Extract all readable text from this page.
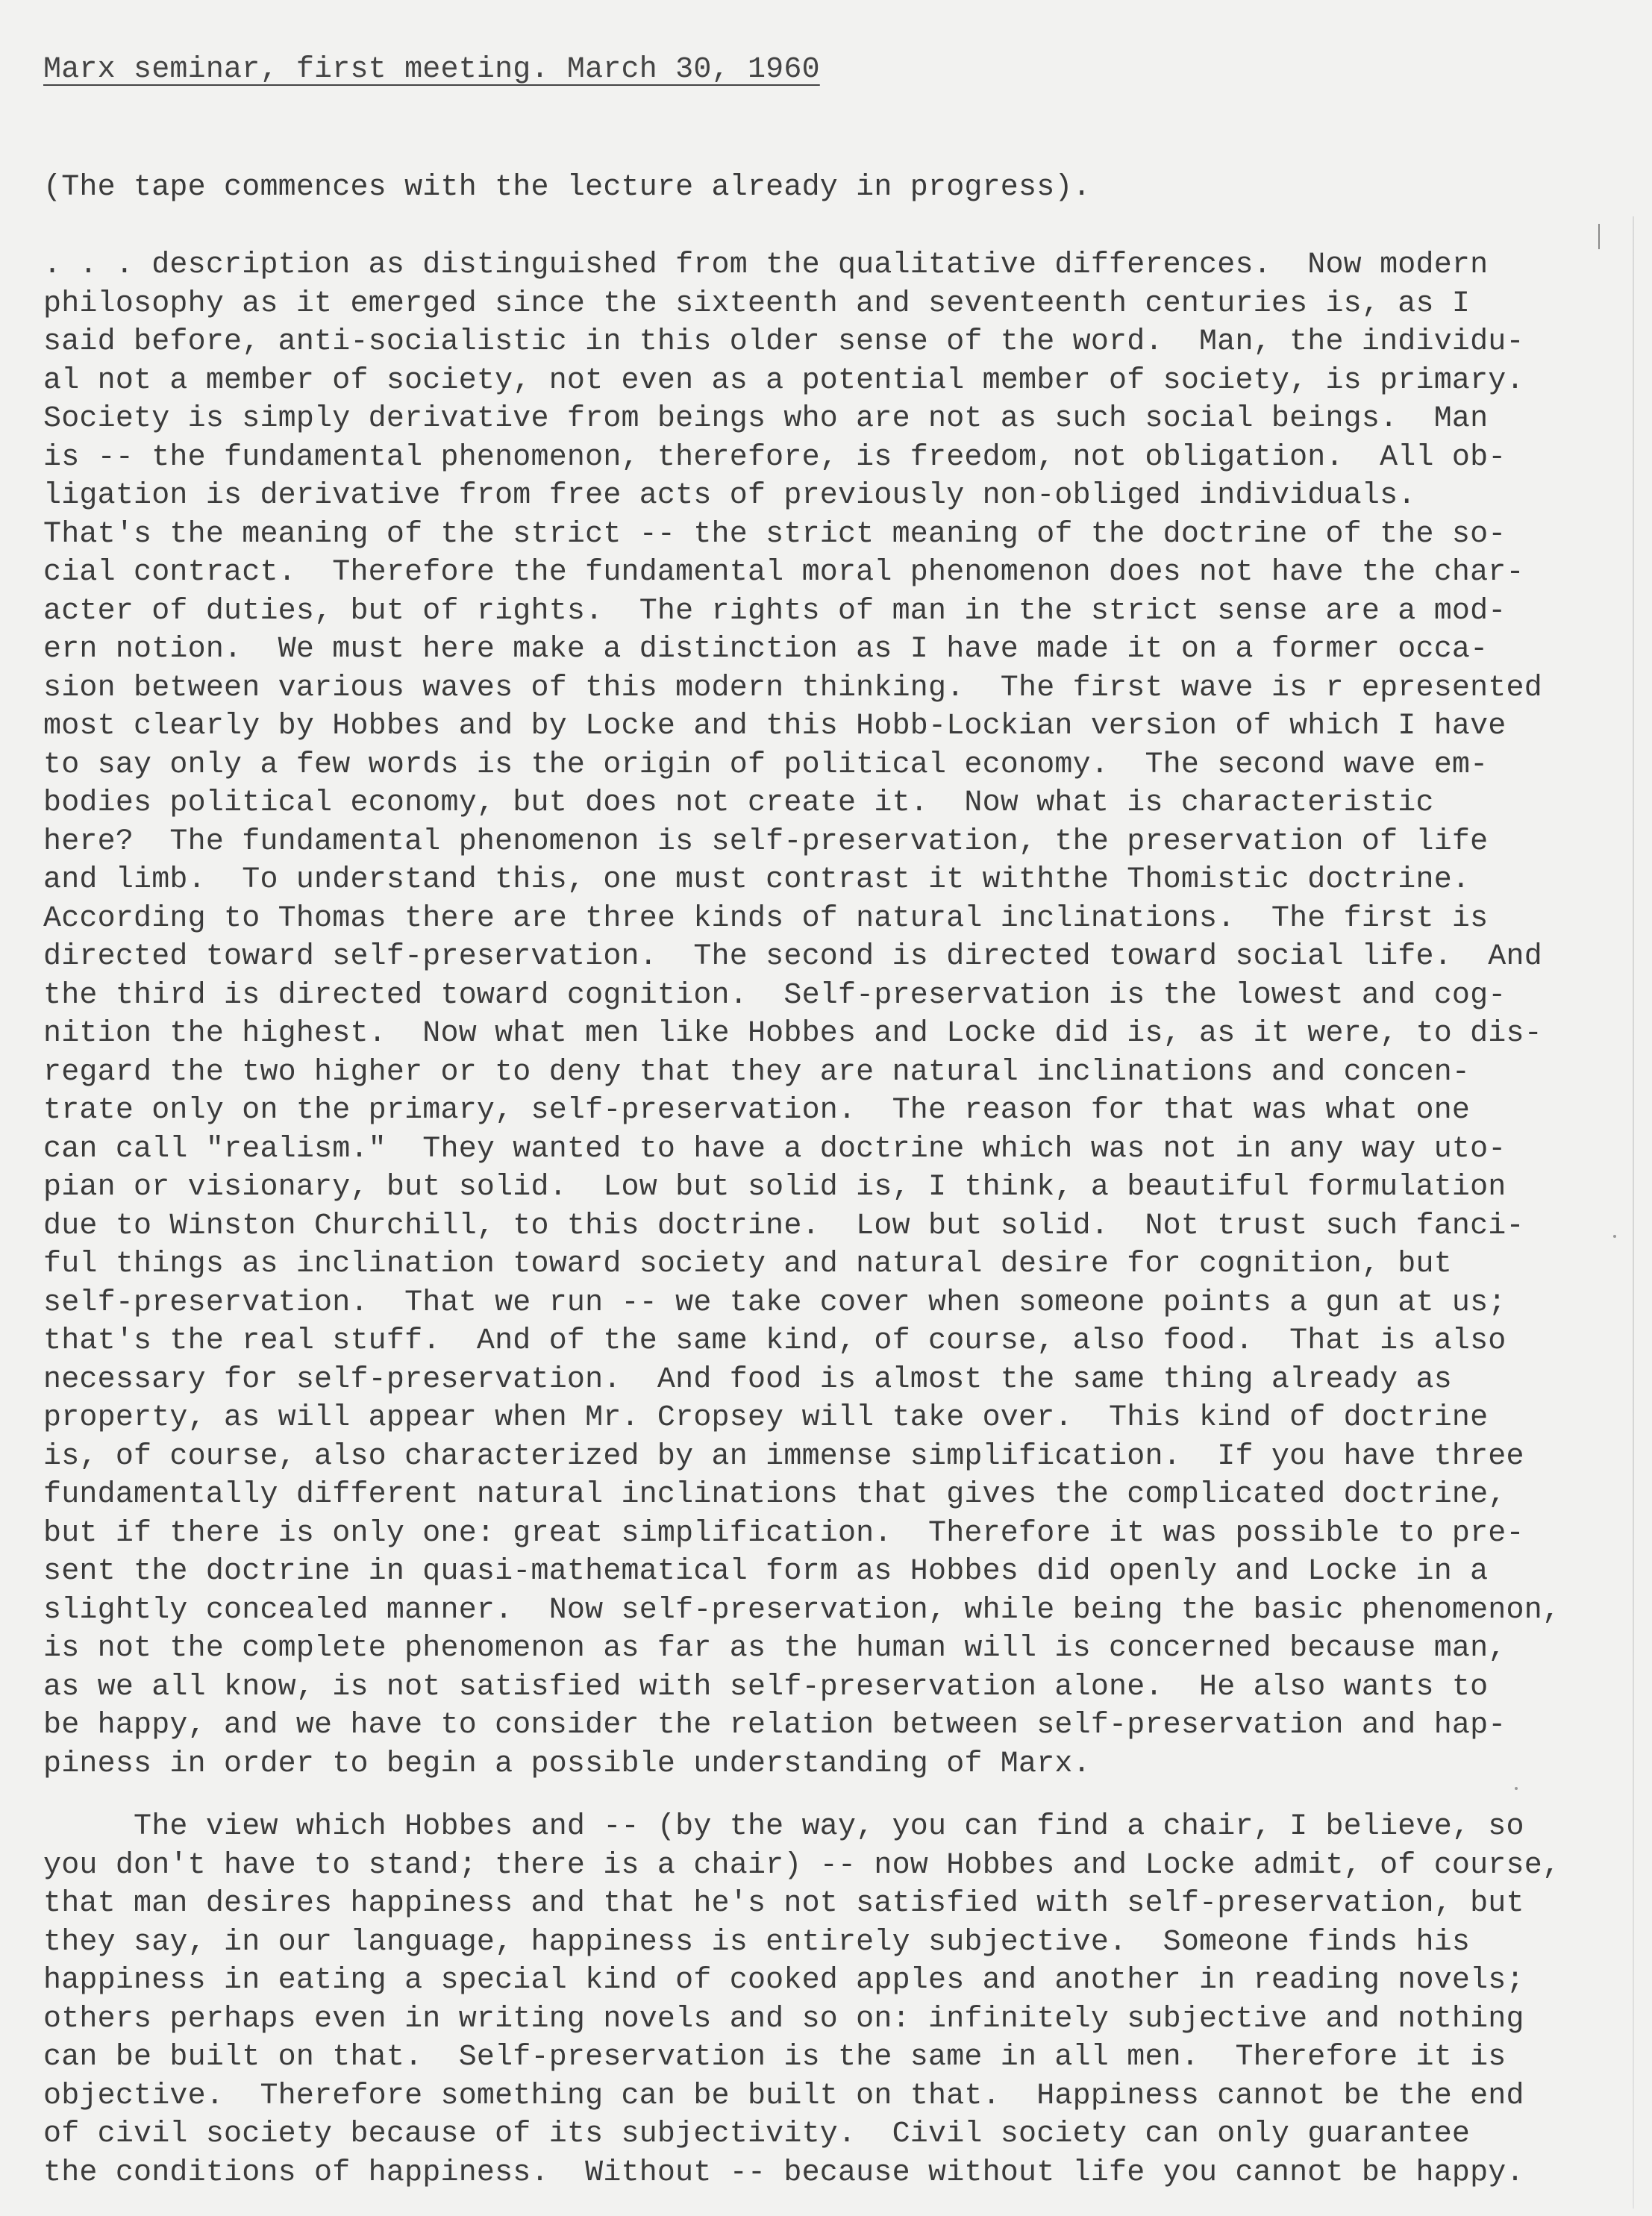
Marx seminar, first meeting. March 30, 1960
(The tape commences with the lecture already in progress).
. . . description as distinguished from the qualitative differences.  Now modern
philosophy as it emerged since the sixteenth and seventeenth centuries is, as I
said before, anti-socialistic in this older sense of the word.  Man, the individu-
al not a member of society, not even as a potential member of society, is primary.
Society is simply derivative from beings who are not as such social beings.  Man
is -- the fundamental phenomenon, therefore, is freedom, not obligation.  All ob-
ligation is derivative from free acts of previously non-obliged individuals.
That's the meaning of the strict -- the strict meaning of the doctrine of the so-
cial contract.  Therefore the fundamental moral phenomenon does not have the char-
acter of duties, but of rights.  The rights of man in the strict sense are a mod-
ern notion.  We must here make a distinction as I have made it on a former occa-
sion between various waves of this modern thinking.  The first wave is r epresented
most clearly by Hobbes and by Locke and this Hobb-Lockian version of which I have
to say only a few words is the origin of political economy.  The second wave em-
bodies political economy, but does not create it.  Now what is characteristic
here?  The fundamental phenomenon is self-preservation, the preservation of life
and limb.  To understand this, one must contrast it withthe Thomistic doctrine.
According to Thomas there are three kinds of natural inclinations.  The first is
directed toward self-preservation.  The second is directed toward social life.  And
the third is directed toward cognition.  Self-preservation is the lowest and cog-
nition the highest.  Now what men like Hobbes and Locke did is, as it were, to dis-
regard the two higher or to deny that they are natural inclinations and concen-
trate only on the primary, self-preservation.  The reason for that was what one
can call "realism."  They wanted to have a doctrine which was not in any way uto-
pian or visionary, but solid.  Low but solid is, I think, a beautiful formulation
due to Winston Churchill, to this doctrine.  Low but solid.  Not trust such fanci-
ful things as inclination toward society and natural desire for cognition, but
self-preservation.  That we run -- we take cover when someone points a gun at us;
that's the real stuff.  And of the same kind, of course, also food.  That is also
necessary for self-preservation.  And food is almost the same thing already as
property, as will appear when Mr. Cropsey will take over.  This kind of doctrine
is, of course, also characterized by an immense simplification.  If you have three
fundamentally different natural inclinations that gives the complicated doctrine,
but if there is only one: great simplification.  Therefore it was possible to pre-
sent the doctrine in quasi-mathematical form as Hobbes did openly and Locke in a
slightly concealed manner.  Now self-preservation, while being the basic phenomenon,
is not the complete phenomenon as far as the human will is concerned because man,
as we all know, is not satisfied with self-preservation alone.  He also wants to
be happy, and we have to consider the relation between self-preservation and hap-
piness in order to begin a possible understanding of Marx.
The view which Hobbes and -- (by the way, you can find a chair, I believe, so
you don't have to stand; there is a chair) -- now Hobbes and Locke admit, of course,
that man desires happiness and that he's not satisfied with self-preservation, but
they say, in our language, happiness is entirely subjective.  Someone finds his
happiness in eating a special kind of cooked apples and another in reading novels;
others perhaps even in writing novels and so on: infinitely subjective and nothing
can be built on that.  Self-preservation is the same in all men.  Therefore it is
objective.  Therefore something can be built on that.  Happiness cannot be the end
of civil society because of its subjectivity.  Civil society can only guarantee
the conditions of happiness.  Without -- because without life you cannot be happy.
